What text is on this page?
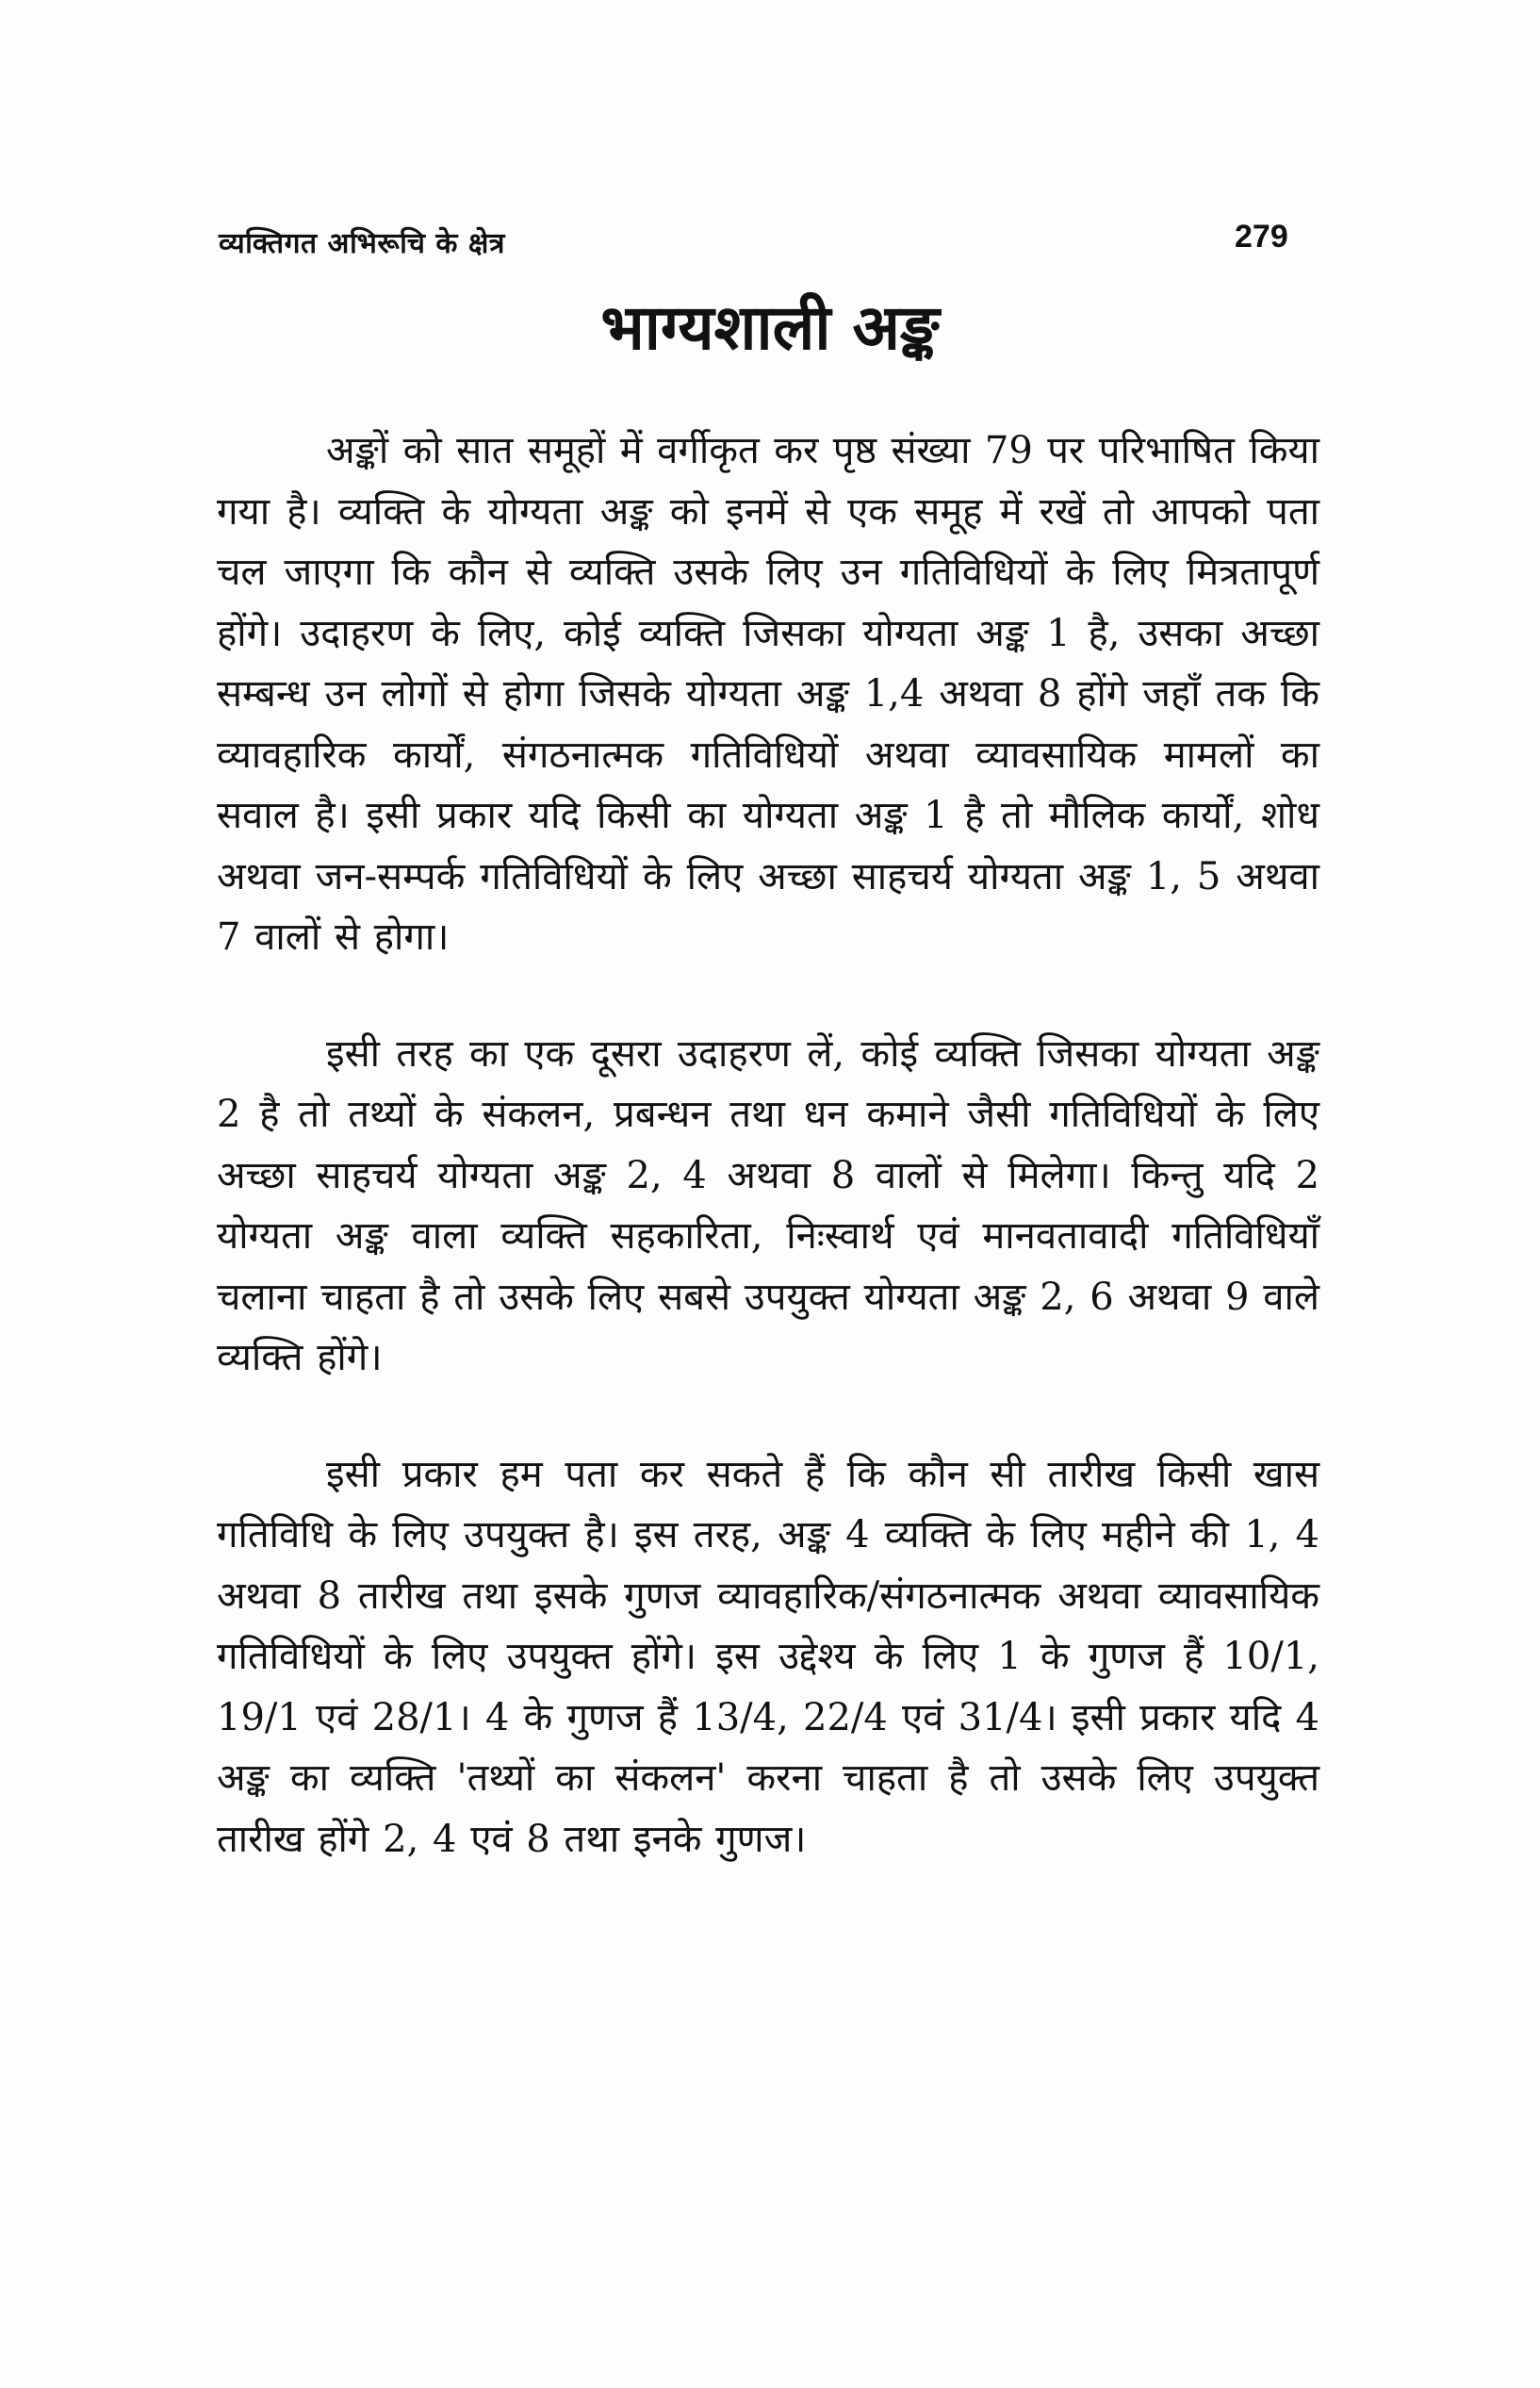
व्यक्तिगत अभिरूचि के क्षेत्र	279
भाग्यशाली अङ्क

अङ्कों को सात समूहों में वर्गीकृत कर पृष्ठ संख्या 79 पर परिभाषित किया गया है। व्यक्ति के योग्यता अङ्क को इनमें से एक समूह में रखें तो आपको पता चल जाएगा कि कौन से व्यक्ति उसके लिए उन गतिविधियों के लिए मित्रतापूर्ण होंगे। उदाहरण के लिए, कोई व्यक्ति जिसका योग्यता अङ्क 1 है, उसका अच्छा सम्बन्ध उन लोगों से होगा जिसके योग्यता अङ्क 1,4 अथवा 8 होंगे जहाँ तक कि व्यावहारिक कार्यों, संगठनात्मक गतिविधियों अथवा व्यावसायिक मामलों का सवाल है। इसी प्रकार यदि किसी का योग्यता अङ्क 1 है तो मौलिक कार्यों, शोध अथवा जन-सम्पर्क गतिविधियों के लिए अच्छा साहचर्य योग्यता अङ्क 1, 5 अथवा 7 वालों से होगा।

इसी तरह का एक दूसरा उदाहरण लें, कोई व्यक्ति जिसका योग्यता अङ्क 2 है तो तथ्यों के संकलन, प्रबन्धन तथा धन कमाने जैसी गतिविधियों के लिए अच्छा साहचर्य योग्यता अङ्क 2, 4 अथवा 8 वालों से मिलेगा। किन्तु यदि 2 योग्यता अङ्क वाला व्यक्ति सहकारिता, निःस्वार्थ एवं मानवतावादी गतिविधियाँ चलाना चाहता है तो उसके लिए सबसे उपयुक्त योग्यता अङ्क 2, 6 अथवा 9 वाले व्यक्ति होंगे।

इसी प्रकार हम पता कर सकते हैं कि कौन सी तारीख किसी खास गतिविधि के लिए उपयुक्त है। इस तरह, अङ्क 4 व्यक्ति के लिए महीने की 1, 4 अथवा 8 तारीख तथा इसके गुणज व्यावहारिक/संगठनात्मक अथवा व्यावसायिक गतिविधियों के लिए उपयुक्त होंगे। इस उद्देश्य के लिए 1 के गुणज हैं 10/1, 19/1 एवं 28/1। 4 के गुणज हैं 13/4, 22/4 एवं 31/4। इसी प्रकार यदि 4 अङ्क का व्यक्ति 'तथ्यों का संकलन' करना चाहता है तो उसके लिए उपयुक्त तारीख होंगे 2, 4 एवं 8 तथा इनके गुणज।
